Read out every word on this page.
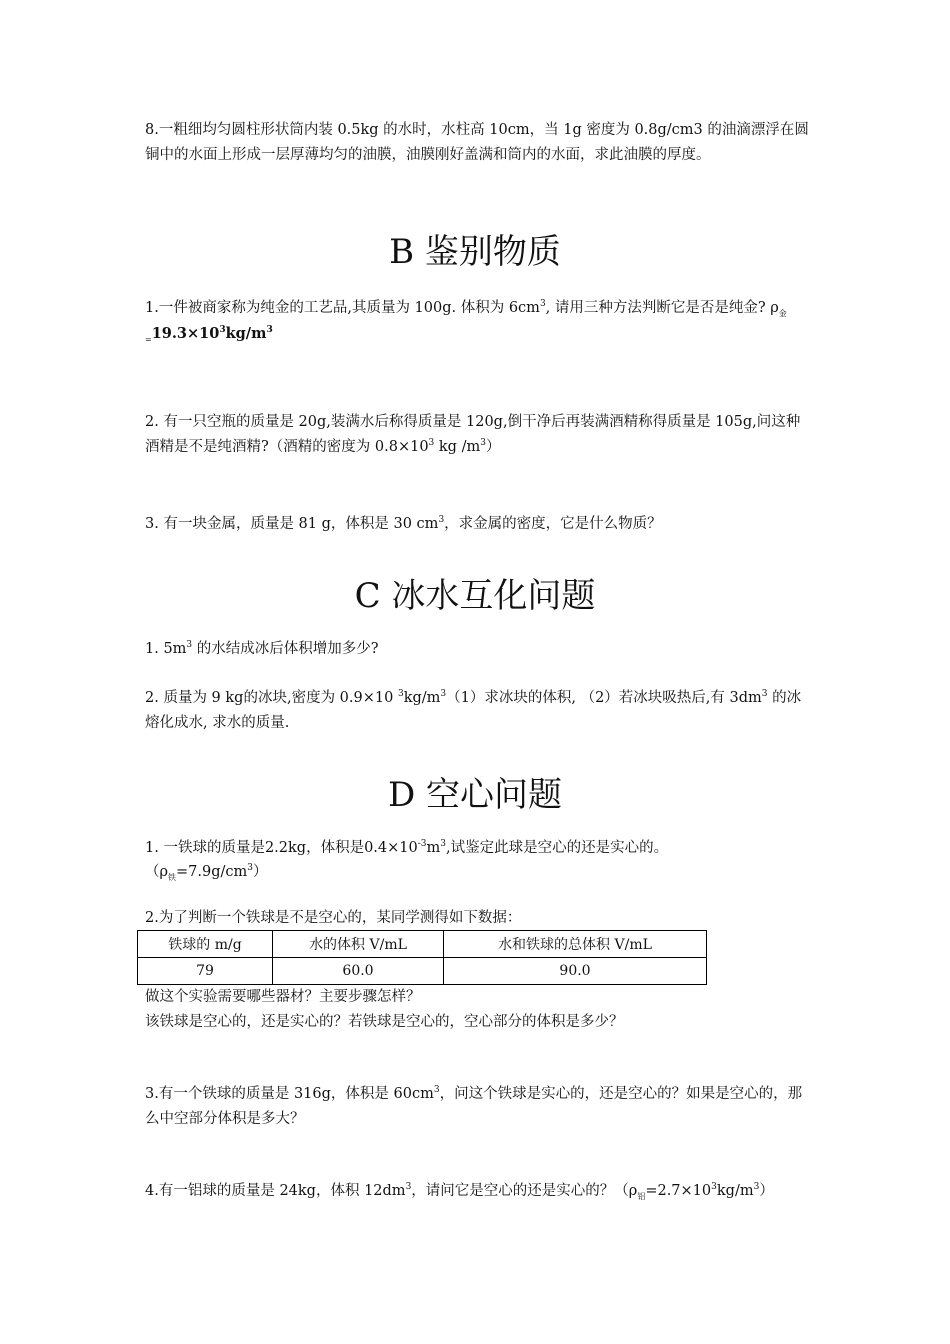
8.一粗细均匀圆柱形状筒内装 0.5kg 的水时，水柱高 10cm，当 1g 密度为 0.8g/cm3 的油滴漂浮在圆铜中的水面上形成一层厚薄均匀的油膜，油膜刚好盖满和筒内的水面，求此油膜的厚度。

B 鉴别物质

1.一件被商家称为纯金的工艺品,其质量为 100g. 体积为 $6cm^3$, 请用三种方法判断它是否是纯金? $\rho_{金=}19.3\times 10^3kg/m^3$

2. 有一只空瓶的质量是 20g,装满水后称得质量是 120g,倒干净后再装满酒精称得质量是 105g,问这种酒精是不是纯酒精?（酒精的密度为 $0.8\times 10^3$ kg $/m^3$）

3. 有一块金属，质量是 81 g，体积是 30 $cm^3$，求金属的密度，它是什么物质？

C 冰水互化问题

1. $5m^3$ 的水结成冰后体积增加多少?

2. 质量为 9 kg的冰块,密度为 0.9×10 $^3kg/m^3(1)$求冰块的体积, （2）若冰块吸热后,有 $3dm^3$ 的冰熔化成水, 求水的质量.

D 空心问题

1. 一铁球的质量是2.2kg，体积是$0.4\times 10^{-3}m^3$,试鉴定此球是空心的还是实心的。

$(\rho_铁=7.9g/cm^3)$

2.为了判断一个铁球是不是空心的，某同学测得如下数据：

铁球的 m/g	水的体积 V/mL	水和铁球的总体积 V/mL
79	60.0	90.0

做这个实验需要哪些器材？主要步骤怎样？

该铁球是空心的，还是实心的？若铁球是空心的，空心部分的体积是多少？

3.有一个铁球的质量是 316g，体积是 $60cm^3$，问这个铁球是实心的，还是空心的？如果是空心的，那么中空部分体积是多大？

4.有一铝球的质量是 24kg，体积 $12dm^3$，请问它是空心的还是实心的？$(\rho_铝=2.7\times 10^3kg/m^3)$
